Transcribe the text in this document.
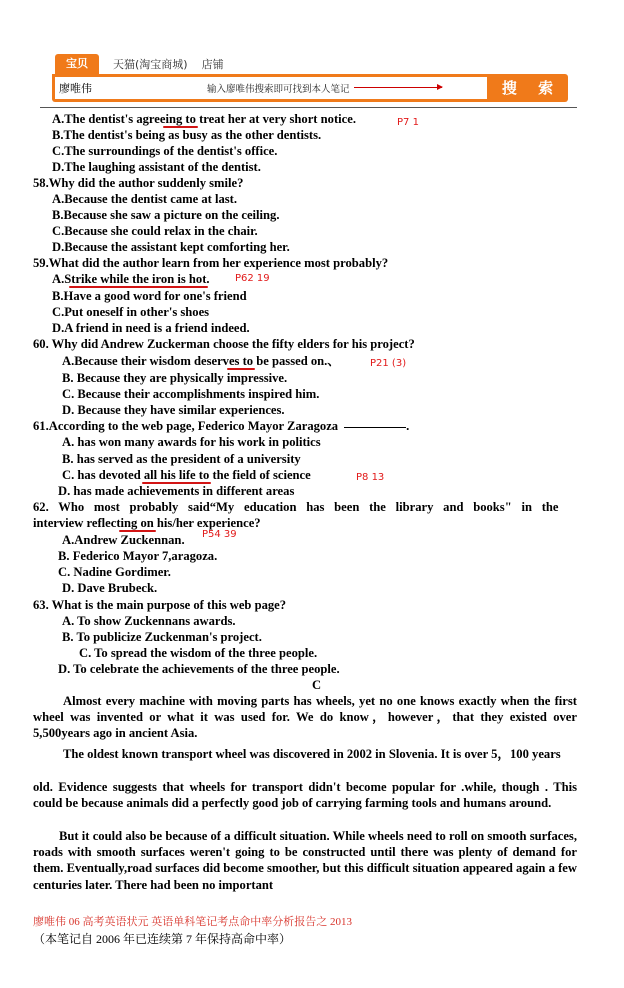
宝贝	天猫(淘宝商城) 店铺
廖唯伟	输入廖唯伟搜索即可找到本人笔记	搜 索
A.The dentist's agreeing to treat her at very short notice.
B.The dentist's being as busy as the other dentists.
C.The surroundings of the dentist's office.
D.The laughing assistant of the dentist.
58.Why did the author suddenly smile?
A.Because the dentist came at last.
B.Because she saw a picture on the ceiling.
C.Because she could relax in the chair.
D.Because the assistant kept comforting her.
59.What did the author learn from her experience most probably?
A.Strike while the iron is hot.
B.Have a good word for one's friend
C.Put oneself in other's shoes
D.A friend in need is a friend indeed.
60. Why did Andrew Zuckerman choose the fifty elders for his project?
A.Because their wisdom deserves to be passed on.、
B. Because they are physically impressive.
C. Because their accomplishments inspired him.
D. Because they have similar experiences.
61.According to the web page, Federico Mayor Zaragoza	.
A. has won many awards for his work in politics
B. has served as the president of a university
C. has devoted all his life to the field of science
D. has made achievements in different areas
62. Who most probably said“My education has been the library and books" in the
interview reflecting on his/her experience?
A.Andrew Zuckennan.
B. Federico Mayor 7,aragoza.
C. Nadine Gordimer.
D. Dave Brubeck.
63. What is the main purpose of this web page?
A. To show Zuckennans awards.
B. To publicize Zuckenman's project.
C. To spread the wisdom of the three people.
D. To celebrate the achievements of the three people.
C
P7 1
P62 19
P21 (3)
P8 13
P54 39
Almost every machine with moving parts has wheels, yet no one knows exactly when the first wheel was invented or what it was used for. We do know，however，that they existed over 5,500years ago in ancient Asia.
The oldest known transport wheel was discovered in 2002 in Slovenia. It is over 5，100 years
old. Evidence suggests that wheels for transport didn't become popular for .while, though . This could be because animals did a perfectly good job of carrying farming tools and humans around.
But it could also be because of a difficult situation. While wheels need to roll on smooth surfaces, roads with smooth surfaces weren't going to be constructed until there was plenty of demand for them. Eventually,road surfaces did become smoother, but this difficult situation appeared again a few centuries later. There had been no important
廖唯伟 06 高考英语状元 英语单科笔记考点命中率分析报告之 2013
（本笔记自 2006 年已连续第 7 年保持高命中率）
